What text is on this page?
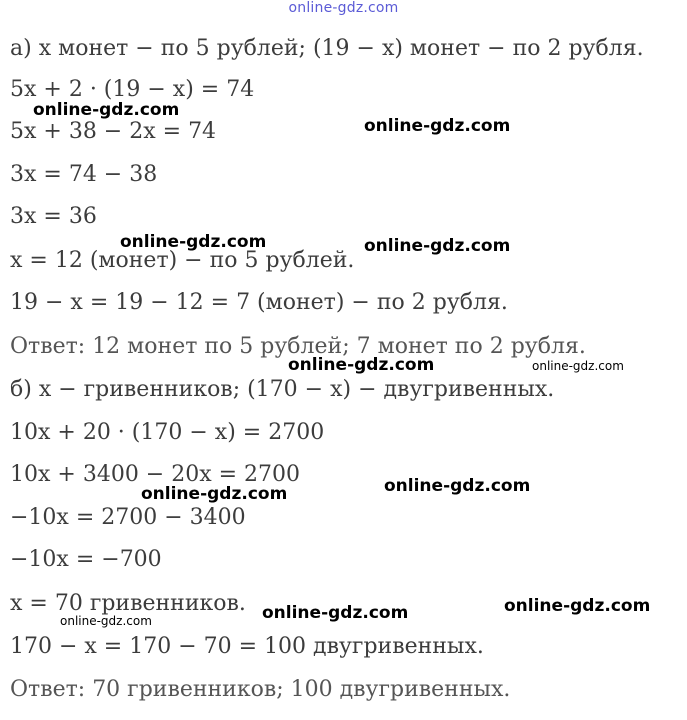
online-gdz.com
а) x монет − по 5 рублей; (19 − x) монет − по 2 рубля.
5x + 2 · (19 − x) = 74
5x + 38 − 2x = 74
3x = 74 − 38
3x = 36
x = 12 (монет) − по 5 рублей.
19 − x = 19 − 12 = 7 (монет) − по 2 рубля.
Ответ: 12 монет по 5 рублей; 7 монет по 2 рубля.
б) x − гривенников; (170 − x) − двугривенных.
10x + 20 · (170 − x) = 2700
10x + 3400 − 20x = 2700
−10x = 2700 − 3400
−10x = −700
x = 70 гривенников.
170 − x = 170 − 70 = 100 двугривенных.
Ответ: 70 гривенников; 100 двугривенных.
online-gdz.com
online-gdz.com
online-gdz.com	online-gdz.com
online-gdz.com	online-gdz.com
online-gdz.com
online-gdz.com
online-gdz.com	online-gdz.com
online-gdz.com
